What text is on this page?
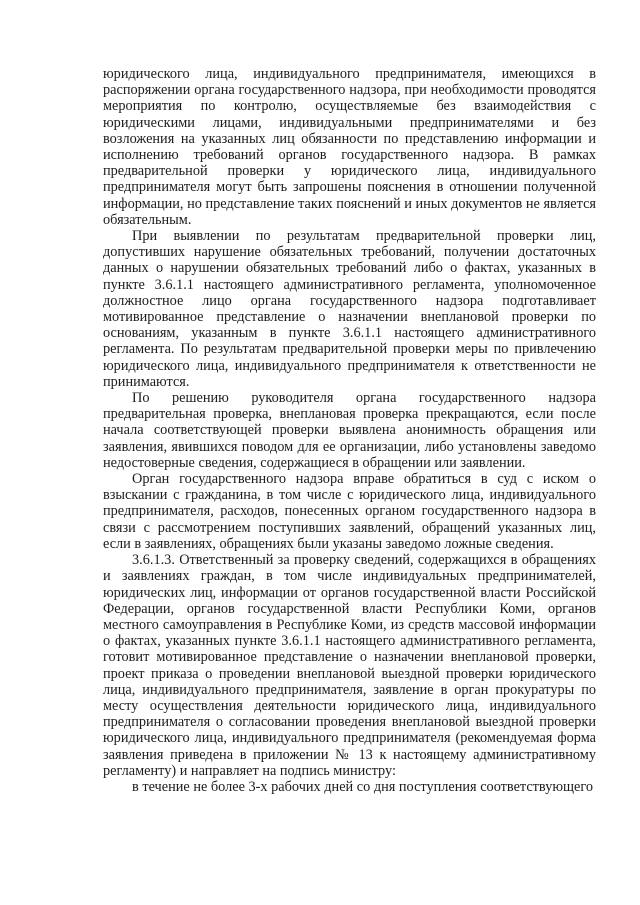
юридического лица, индивидуального предпринимателя, имеющихся в распоряжении органа государственного надзора, при необходимости проводятся мероприятия по контролю, осуществляемые без взаимодействия с юридическими лицами, индивидуальными предпринимателями и без возложения на указанных лиц обязанности по представлению информации и исполнению требований органов государственного надзора. В рамках предварительной проверки у юридического лица, индивидуального предпринимателя могут быть запрошены пояснения в отношении полученной информации, но представление таких пояснений и иных документов не является обязательным.

При выявлении по результатам предварительной проверки лиц, допустивших нарушение обязательных требований, получении достаточных данных о нарушении обязательных требований либо о фактах, указанных в пункте 3.6.1.1 настоящего административного регламента, уполномоченное должностное лицо органа государственного надзора подготавливает мотивированное представление о назначении внеплановой проверки по основаниям, указанным в пункте 3.6.1.1 настоящего административного регламента. По результатам предварительной проверки меры по привлечению юридического лица, индивидуального предпринимателя к ответственности не принимаются.

По решению руководителя органа государственного надзора предварительная проверка, внеплановая проверка прекращаются, если после начала соответствующей проверки выявлена анонимность обращения или заявления, явившихся поводом для ее организации, либо установлены заведомо недостоверные сведения, содержащиеся в обращении или заявлении.

Орган государственного надзора вправе обратиться в суд с иском о взыскании с гражданина, в том числе с юридического лица, индивидуального предпринимателя, расходов, понесенных органом государственного надзора в связи с рассмотрением поступивших заявлений, обращений указанных лиц, если в заявлениях, обращениях были указаны заведомо ложные сведения.

3.6.1.3. Ответственный за проверку сведений, содержащихся в обращениях и заявлениях граждан, в том числе индивидуальных предпринимателей, юридических лиц, информации от органов государственной власти Российской Федерации, органов государственной власти Республики Коми, органов местного самоуправления в Республике Коми, из средств массовой информации о фактах, указанных пункте 3.6.1.1 настоящего административного регламента, готовит мотивированное представление о назначении внеплановой проверки, проект приказа о проведении внеплановой выездной проверки юридического лица, индивидуального предпринимателя, заявление в орган прокуратуры по месту осуществления деятельности юридического лица, индивидуального предпринимателя о согласовании проведения внеплановой выездной проверки юридического лица, индивидуального предпринимателя (рекомендуемая форма заявления приведена в приложении № 13 к настоящему административному регламенту) и направляет на подпись министру:

в течение не более 3-х рабочих дней со дня поступления соответствующего
